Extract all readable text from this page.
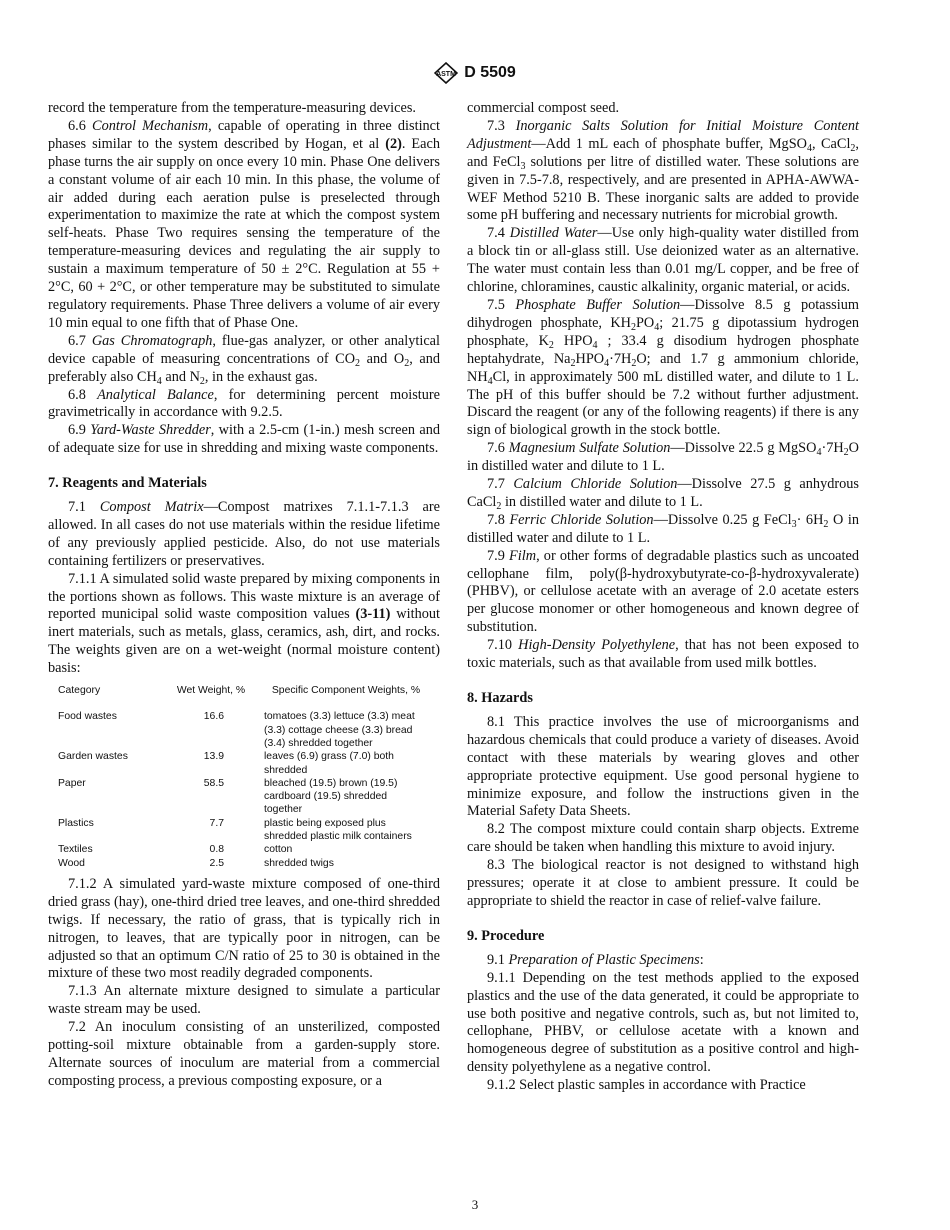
ASTM D 5509

record the temperature from the temperature-measuring devices.

6.6 Control Mechanism, capable of operating in three distinct phases similar to the system described by Hogan, et al (2). Each phase turns the air supply on once every 10 min. Phase One delivers a constant volume of air each 10 min. In this phase, the volume of air added during each aeration pulse is preselected through experimentation to maximize the rate at which the compost system self-heats. Phase Two requires sensing the temperature of the temperature-measuring devices and regulating the air supply to sustain a maximum temperature of 50 ± 2°C. Regulation at 55 + 2°C, 60 + 2°C, or other temperature may be substituted to simulate regulatory requirements. Phase Three delivers a volume of air every 10 min equal to one fifth that of Phase One.

6.7 Gas Chromatograph, flue-gas analyzer, or other analytical device capable of measuring concentrations of $CO_2$ and $O_2$, and preferably also $CH_4$ and $N_2$, in the exhaust gas.

6.8 Analytical Balance, for determining percent moisture gravimetrically in accordance with 9.2.5.

6.9 Yard-Waste Shredder, with a 2.5-cm (1-in.) mesh screen and of adequate size for use in shredding and mixing waste components.

7. Reagents and Materials

7.1 Compost Matrix—Compost matrixes 7.1.1-7.1.3 are allowed. In all cases do not use materials within the residue lifetime of any previously applied pesticide. Also, do not use materials containing fertilizers or preservatives.

7.1.1 A simulated solid waste prepared by mixing components in the portions shown as follows. This waste mixture is an average of reported municipal solid waste composition values (3-11) without inert materials, such as metals, glass, ceramics, ash, dirt, and rocks. The weights given are on a wet-weight (normal moisture content) basis:

Category	Wet Weight, %	Specific Component Weights, %

Food wastes	16.6	tomatoes (3.3) lettuce (3.3) meat (3.3) cottage cheese (3.3) bread (3.4) shredded together
Garden wastes	13.9	leaves (6.9) grass (7.0) both shredded
Paper	58.5	bleached (19.5) brown (19.5) cardboard (19.5) shredded together
Plastics	7.7	plastic being exposed plus shredded plastic milk containers
Textiles	0.8	cotton
Wood	2.5	shredded twigs

7.1.2 A simulated yard-waste mixture composed of one-third dried grass (hay), one-third dried tree leaves, and one-third shredded twigs. If necessary, the ratio of grass, that is typically rich in nitrogen, to leaves, that are typically poor in nitrogen, can be adjusted so that an optimum C/N ratio of 25 to 30 is obtained in the mixture of these two most readily degraded components.

7.1.3 An alternate mixture designed to simulate a particular waste stream may be used.

7.2 An inoculum consisting of an unsterilized, composted potting-soil mixture obtainable from a garden-supply store. Alternate sources of inoculum are material from a commercial composting process, a previous composting exposure, or a

commercial compost seed.

7.3 Inorganic Salts Solution for Initial Moisture Content Adjustment—Add 1 mL each of phosphate buffer, MgSO$_4$, CaCl$_2$, and FeCl$_3$ solutions per litre of distilled water. These solutions are given in 7.5-7.8, respectively, and are presented in APHA-AWWA-WEF Method 5210 B. These inorganic salts are added to provide some pH buffering and necessary nutrients for microbial growth.

7.4 Distilled Water—Use only high-quality water distilled from a block tin or all-glass still. Use deionized water as an alternative. The water must contain less than 0.01 mg/L copper, and be free of chlorine, chloramines, caustic alkalinity, organic material, or acids.

7.5 Phosphate Buffer Solution—Dissolve 8.5 g potassium dihydrogen phosphate, $KH_2PO_4$; 21.75 g dipotassium hydrogen phosphate, $K_2$ $HPO_4$ ; 33.4 g disodium hydrogen phosphate heptahydrate, $Na_2HPO_4\cdot 7H_2O$; and 1.7 g ammonium chloride, $NH_4Cl$, in approximately 500 mL distilled water, and dilute to 1 L. The pH of this buffer should be 7.2 without further adjustment. Discard the reagent (or any of the following reagents) if there is any sign of biological growth in the stock bottle.

7.6 Magnesium Sulfate Solution—Dissolve 22.5 g $MgSO_4\cdot 7H_2O$ in distilled water and dilute to 1 L.

7.7 Calcium Chloride Solution—Dissolve 27.5 g anhydrous CaCl$_2$ in distilled water and dilute to 1 L.

7.8 Ferric Chloride Solution—Dissolve 0.25 g FeCl$_3$· $6H_2$ O in distilled water and dilute to 1 L.

7.9 Film, or other forms of degradable plastics such as uncoated cellophane film, poly(β-hydroxybutyrate-co-β-hydroxyvalerate) (PHBV), or cellulose acetate with an average of 2.0 acetate esters per glucose monomer or other homogeneous and known degree of substitution.

7.10 High-Density Polyethylene, that has not been exposed to toxic materials, such as that available from used milk bottles.

8. Hazards

8.1 This practice involves the use of microorganisms and hazardous chemicals that could produce a variety of diseases. Avoid contact with these materials by wearing gloves and other appropriate protective equipment. Use good personal hygiene to minimize exposure, and follow the instructions given in the Material Safety Data Sheets.

8.2 The compost mixture could contain sharp objects. Extreme care should be taken when handling this mixture to avoid injury.

8.3 The biological reactor is not designed to withstand high pressures; operate it at close to ambient pressure. It could be appropriate to shield the reactor in case of relief-valve failure.

9. Procedure

9.1 Preparation of Plastic Specimens:

9.1.1 Depending on the test methods applied to the exposed plastics and the use of the data generated, it could be appropriate to use both positive and negative controls, such as, but not limited to, cellophane, PHBV, or cellulose acetate with a known and homogeneous degree of substitution as a positive control and high-density polyethylene as a negative control.

9.1.2 Select plastic samples in accordance with Practice

3
